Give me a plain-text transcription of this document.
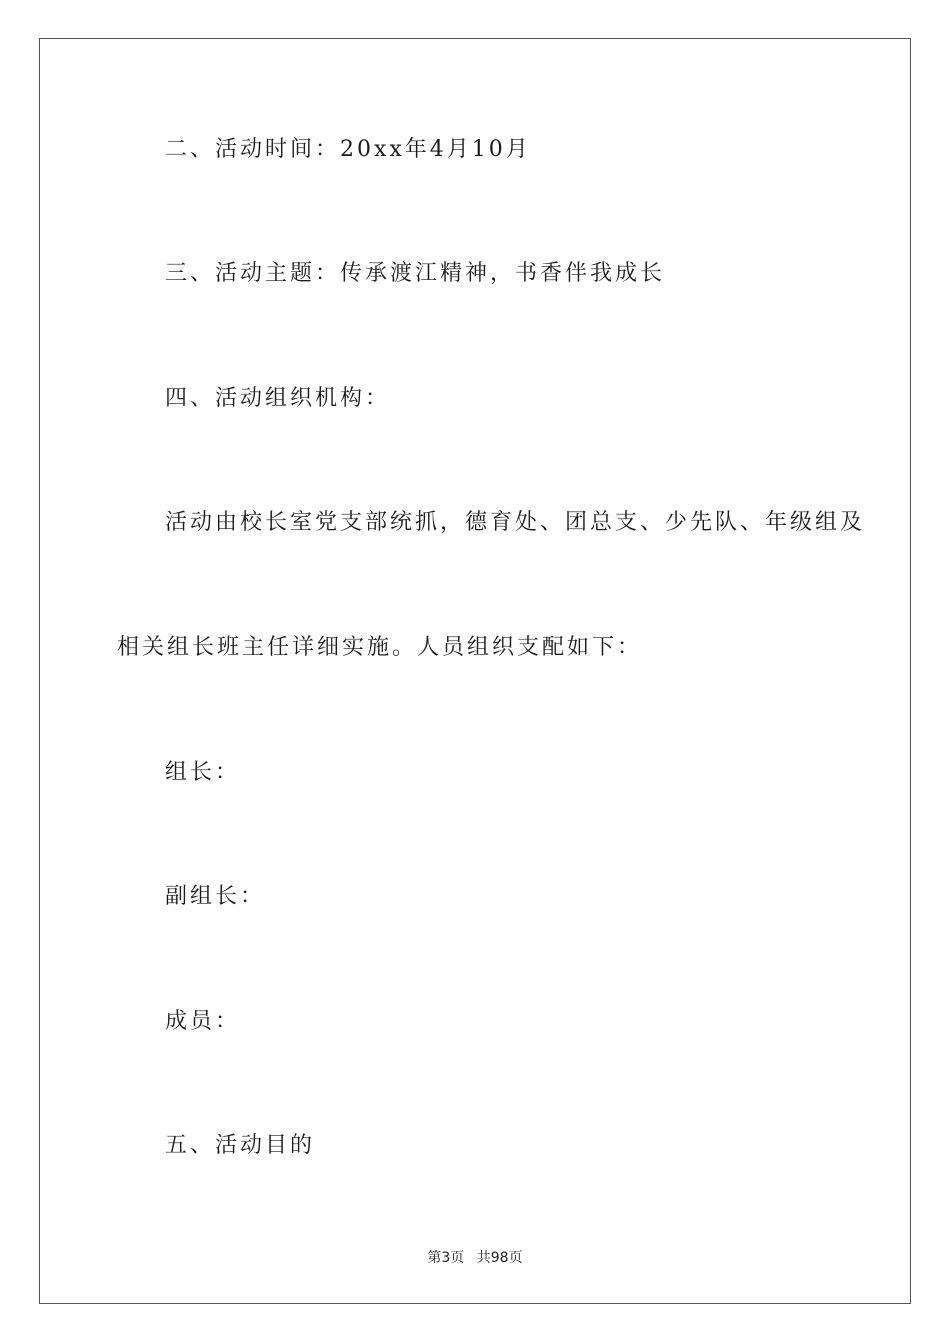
二、活动时间：20xx年4月10月
三、活动主题：传承渡江精神，书香伴我成长
四、活动组织机构：
活动由校长室党支部统抓，德育处、团总支、少先队、年级组及
相关组长班主任详细实施。人员组织支配如下：
组长：
副组长：
成员：
五、活动目的
第3页 共98页
